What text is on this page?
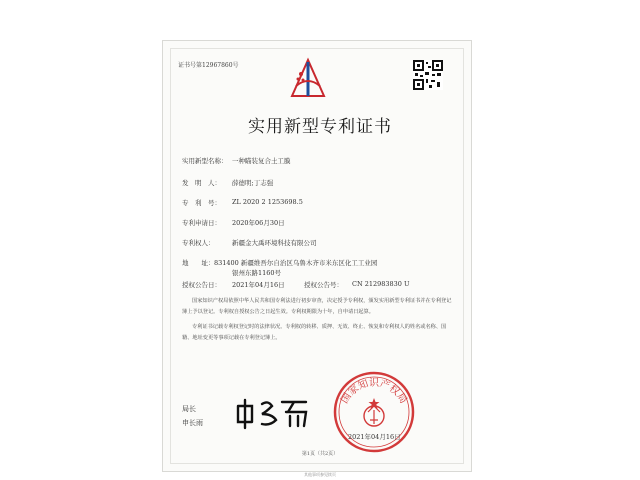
证书号第12967860号
实用新型专利证书
实用新型名称： 一种瞄装复合土工膜
发　明　人： 薛德明;丁志强
专　利　号： ZL 2020 2 1253698.5
专利申请日： 2020年06月30日
专利权人：	新疆金大禹环境科技有限公司
地　　址： 831400 新疆维吾尔自治区乌鲁木齐市米东区化工工业园
银州东路1160号
授权公告日： 2021年04月16日	授权公告号： CN 212983830 U
国家知识产权局依照中华人民共和国专利法进行初步审查，决定授予专利权，颁发实用新型专利证书并在专利登记簿上予以登记。专利权自授权公告之日起生效。专利权期限为十年，自申请日起算。
专利证书记载专利权登记时的法律状况。专利权的转移、质押、无效、终止、恢复和专利权人的姓名或名称、国籍、地址变更等事项记载在专利登记簿上。
局长
申长雨
国家知识产权局
2021年04月16日
第1页（共2页）
其他事项参见续页
